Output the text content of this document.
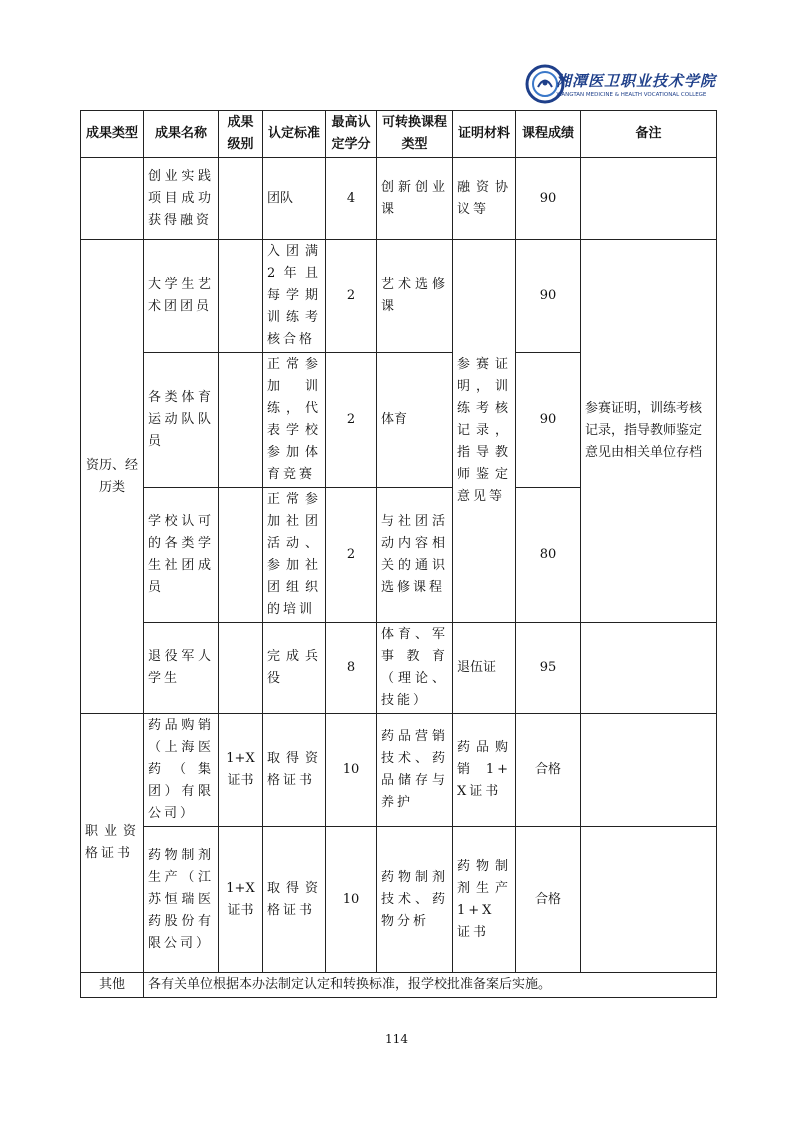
湘潭医卫职业技术学院
XIANGTAN MEDICINE & HEALTH VOCATIONAL COLLEGE
成果类型	成果名称	成果级别	认定标准	最高认定学分	可转换课程类型	证明材料	课程成绩	备注
	创业实践项目成功获得融资		团队	4	创新创业课	融资协议等	90	
资历、经历类	大学生艺术团团员		入团满2年且每学期训练考核合格	2	艺术选修课	参赛证明，训练考核记录，指导教师鉴定意见等	90	参赛证明，训练考核记录，指导教师鉴定意见由相关单位存档
	各类体育运动队队员		正常参加训练，代表学校参加体育竞赛	2	体育		90	
	学校认可的各类学生社团成员		正常参加社团活动、参加社团组织的培训	2	与社团活动内容相关的通识选修课程		80	
	退役军人学生		完成兵役	8	体育、军事教育（理论、技能）	退伍证	95	
职业资格证书	药品购销（上海医药（集团）有限公司）	1+X证书	取得资格证书	10	药品营销技术、药品储存与养护	药品购销 1+X证书	合格	
	药物制剂生产（江苏恒瑞医药股份有限公司）	1+X证书	取得资格证书	10	药物制剂技术、药物分析	药物制剂生产 1+X 证书	合格	
其他	各有关单位根据本办法制定认定和转换标准，报学校批准备案后实施。							
114
